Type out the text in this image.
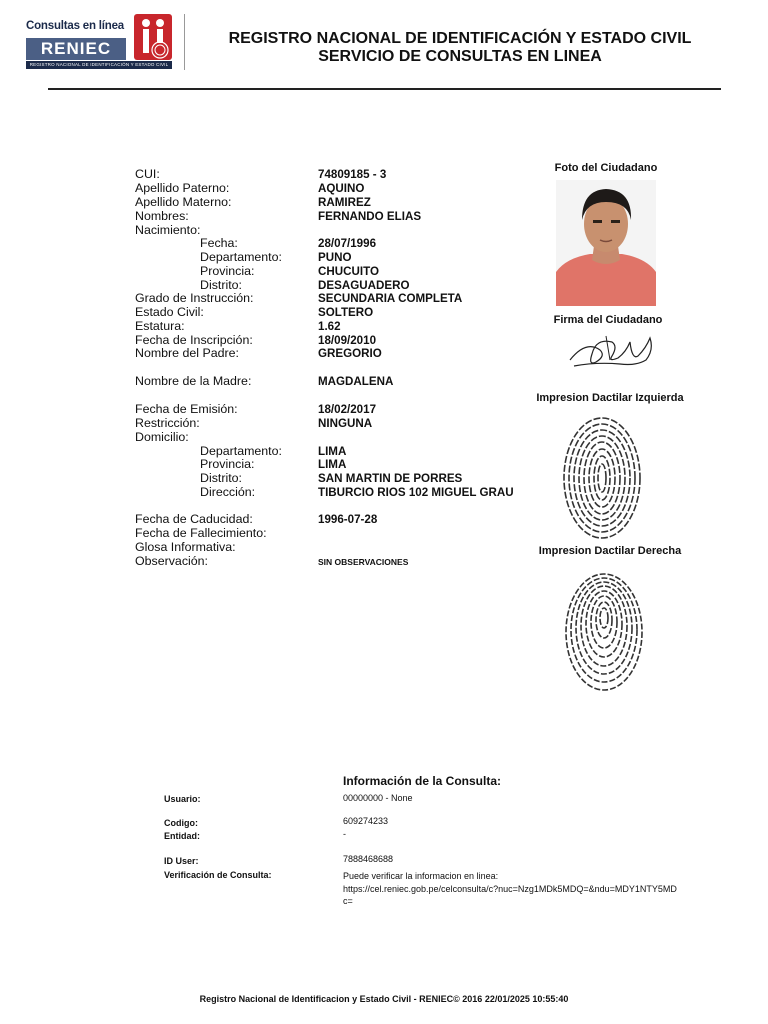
Consultas en línea
RENIEC
REGISTRO NACIONAL DE IDENTIFICACIÓN Y ESTADO CIVIL
REGISTRO NACIONAL DE IDENTIFICACIÓN Y ESTADO CIVIL
SERVICIO DE CONSULTAS EN LINEA
CUI:	74809185 - 3
Apellido Paterno:	AQUINO
Apellido Materno:	RAMIREZ
Nombres:	FERNANDO ELIAS
Nacimiento:
Fecha:	28/07/1996
Departamento:	PUNO
Provincia:	CHUCUITO
Distrito:	DESAGUADERO
Grado de Instrucción:	SECUNDARIA COMPLETA
Estado Civil:	SOLTERO
Estatura:	1.62
Fecha de Inscripción:	18/09/2010
Nombre del Padre:	GREGORIO
Nombre de la Madre:	MAGDALENA
Fecha de Emisión:	18/02/2017
Restricción:	NINGUNA
Domicilio:
Departamento:	LIMA
Provincia:	LIMA
Distrito:	SAN MARTIN DE PORRES
Dirección:	TIBURCIO RIOS 102 MIGUEL GRAU
Fecha de Caducidad:	1996-07-28
Fecha de Fallecimiento:
Glosa Informativa:
Observación:	SIN OBSERVACIONES
Foto del Ciudadano
Firma del Ciudadano
Impresion Dactilar Izquierda
Impresion Dactilar Derecha
Información de la Consulta:
Usuario:	00000000 - None
Codigo:	609274233
Entidad:	-
ID User:	7888468688
Verificación de Consulta:	Puede verificar la informacion en linea:
https://cel.reniec.gob.pe/celconsulta/c?nuc=Nzg1MDk5MDQ=&ndu=MDY1NTY5MD
c=
Registro Nacional de Identificacion y Estado Civil - RENIEC© 2016 22/01/2025 10:55:40
